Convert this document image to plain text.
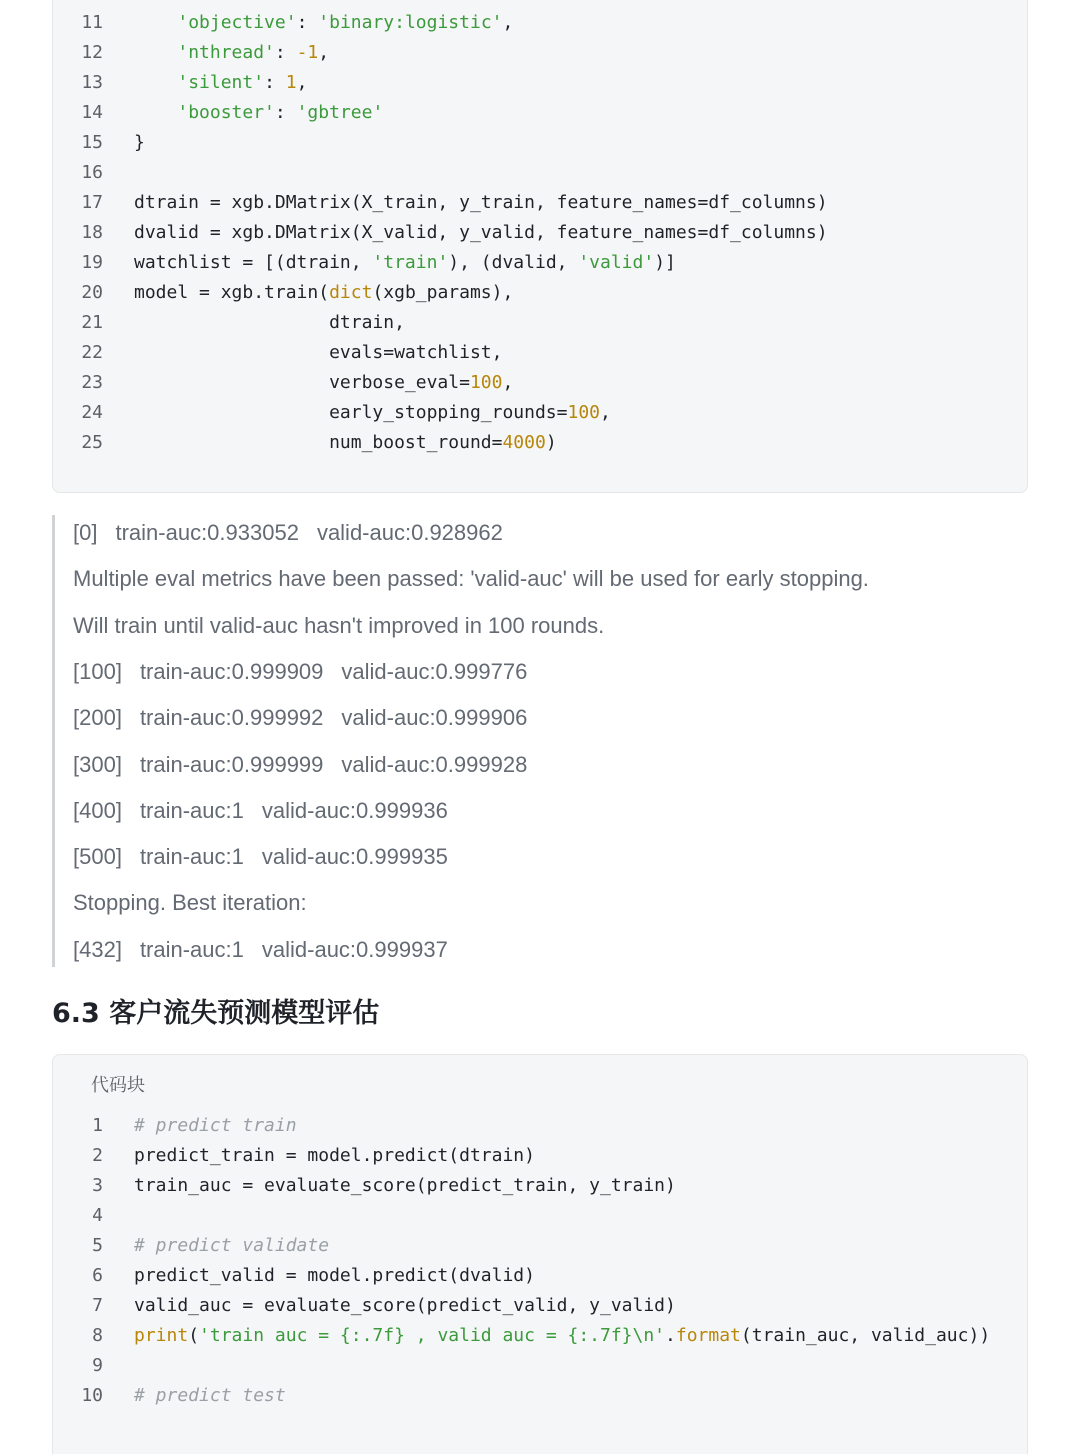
11	'objective': 'binary:logistic',
12	'nthread': -1,
13	'silent': 1,
14	'booster': 'gbtree'
15 }
16
17 dtrain = xgb.DMatrix(X_train, y_train, feature_names=df_columns)
18 dvalid = xgb.DMatrix(X_valid, y_valid, feature_names=df_columns)
19 watchlist = [(dtrain, 'train'), (dvalid, 'valid')]
20 model = xgb.train(dict(xgb_params),
21 dtrain,
22 evals=watchlist,
23 verbose_eval=100,
24 early_stopping_rounds=100,
25 num_boost_round=4000)
[0] train-auc:0.933052 valid-auc:0.928962
Multiple eval metrics have been passed: 'valid-auc' will be used for early stopping.
Will train until valid-auc hasn't improved in 100 rounds.
[100] train-auc:0.999909 valid-auc:0.999776
[200] train-auc:0.999992 valid-auc:0.999906
[300] train-auc:0.999999 valid-auc:0.999928
[400] train-auc:1 valid-auc:0.999936
[500] train-auc:1 valid-auc:0.999935
Stopping. Best iteration:
[432] train-auc:1 valid-auc:0.999937
6.3 客户流失预测模型评估
代码块
1 # predict train
2 predict_train = model.predict(dtrain)
3 train_auc = evaluate_score(predict_train, y_train)
4
5 # predict validate
6 predict_valid = model.predict(dvalid)
7 valid_auc = evaluate_score(predict_valid, y_valid)
8 print('train auc = {:.7f} , valid auc = {:.7f}\n'.format(train_auc, valid_auc))
9
10 # predict test
